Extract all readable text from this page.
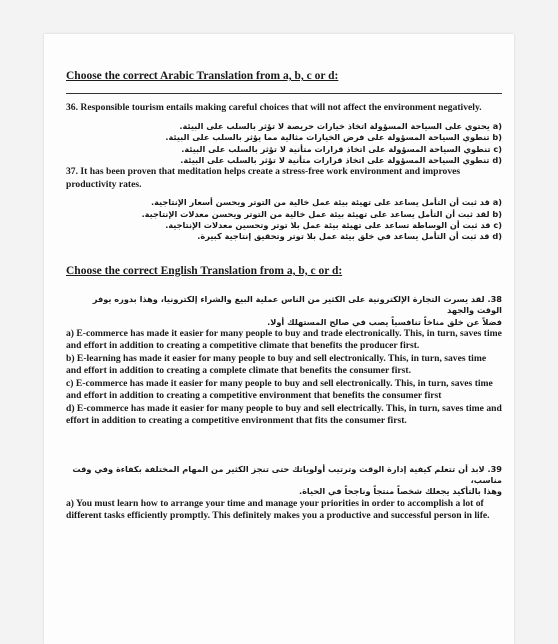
Choose the correct Arabic Translation from a, b, c or d:

36. Responsible tourism entails making careful choices that will not affect the environment negatively.

(a يحتوي على السياحة المسؤولة اتخاذ خيارات حريصة لا تؤثر بالسلب على البيئة.

(b تنطوي السياحة المسؤولة على فرض الخيارات مثالية مما يؤثر بالسلب على البيئة.

(c تنطوي السياحة المسؤولة على اتخاذ قرارات متأنية لا تؤثر بالسلب على البيئة.

(d تنطوي السياحة المسؤولة على اتخاذ قرارات متأنية لا تؤثر بالسلب على البيئة.

37. It has been proven that meditation helps create a stress-free work environment and improves productivity rates.

(a قد ثبت أن التأمل يساعد على تهيئة بيئة عمل خالية من التوتر ويحسن أسعار الإنتاجية.

(b لقد ثبت أن التأمل يساعد على تهيئة بيئة عمل خالية من التوتر ويحسن معدلات الإنتاجية.

(c قد ثبت أن الوساطة تساعد على تهيئة بيئة عمل بلا توتر وتحسين معدلات الإنتاجية.

(d قد ثبت أن التأمل يساعد في خلق بيئة عمل بلا توتر وتحقيق إنتاجية كبيرة.

Choose the correct English Translation from a, b, c or d:

38. لقد يسرت التجارة الإلكترونية على الكثير من الناس عملية البيع والشراء إلكترونيا، وهذا بدوره يوفر الوقت والجهد

فضلاً عن خلق مناخاً تنافسياً يصب في صالح المستهلك أولا.

a) E-commerce has made it easier for many people to buy and trade electronically. This, in turn, saves time and effort in addition to creating a competitive climate that benefits the producer first.

b) E-learning has made it easier for many people to buy and sell electronically. This, in turn, saves time and effort in addition to creating a complete climate that benefits the consumer first.

c) E-commerce has made it easier for many people to buy and sell electronically. This, in turn, saves time and effort in addition to creating a competitive environment that benefits the consumer first

d) E-commerce has made it easier for many people to buy and sell electrically. This, in turn, saves time and effort in addition to creating a competitive environment that fits the consumer first.

39. لابد أن تتعلم كيفية إدارة الوقت وترتيب أولوياتك حتى تنجز الكثير من المهام المختلفة بكفاءة وفي وقت مناسب،

وهذا بالتأكيد يجعلك شخصاً منتجاً وناجحاً في الحياة.

a) You must learn how to arrange your time and manage your priorities in order to accomplish a lot of different tasks efficiently promptly. This definitely makes you a productive and successful person in life.
